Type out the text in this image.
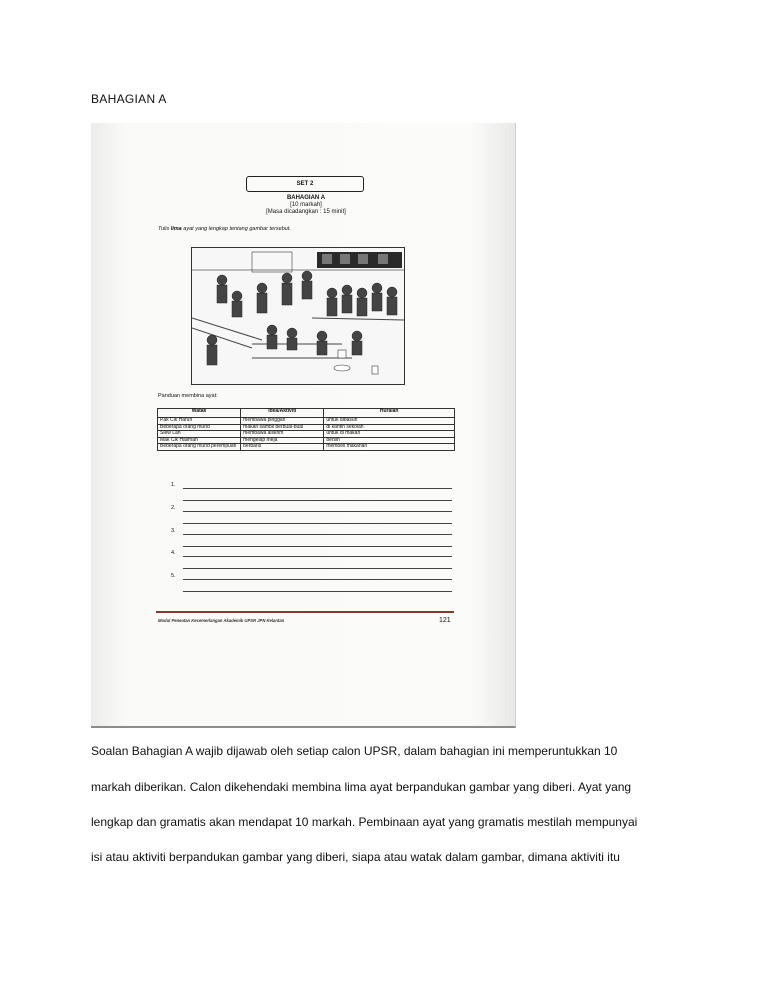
BAHAGIAN A

SET 2
BAHAGIAN A
[10 markah]
[Masa dicadangkan : 15 minit]
Tulis lima ayat yang lengkap tentang gambar tersebut.
Panduan membina ayat:
Watak	Idea/Aktiviti	Huraian
Pak Cik Harun	membawa pinggan	untuk dibasuh
Beberapa orang murid	makan sambil berbual-bual	di kantin sekolah
Siew Lan	membawa aiskrim	untuk di makan
Mak Cik Halimah	mengelap meja	bersih
Beberapa orang murid perempuan	berbaris	membeli makanan
1.
2.
3.
4.
5.
Modul Peneatan Kecemerlangan Akademik UPSR JPN Kelantan	121
Soalan Bahagian A wajib dijawab oleh setiap calon UPSR, dalam bahagian ini memperuntukkan 10
markah diberikan. Calon dikehendaki membina lima ayat berpandukan gambar yang diberi. Ayat yang
lengkap dan gramatis akan mendapat 10 markah. Pembinaan ayat yang gramatis mestilah mempunyai
isi atau aktiviti berpandukan gambar yang diberi, siapa atau watak dalam gambar, dimana aktiviti itu
